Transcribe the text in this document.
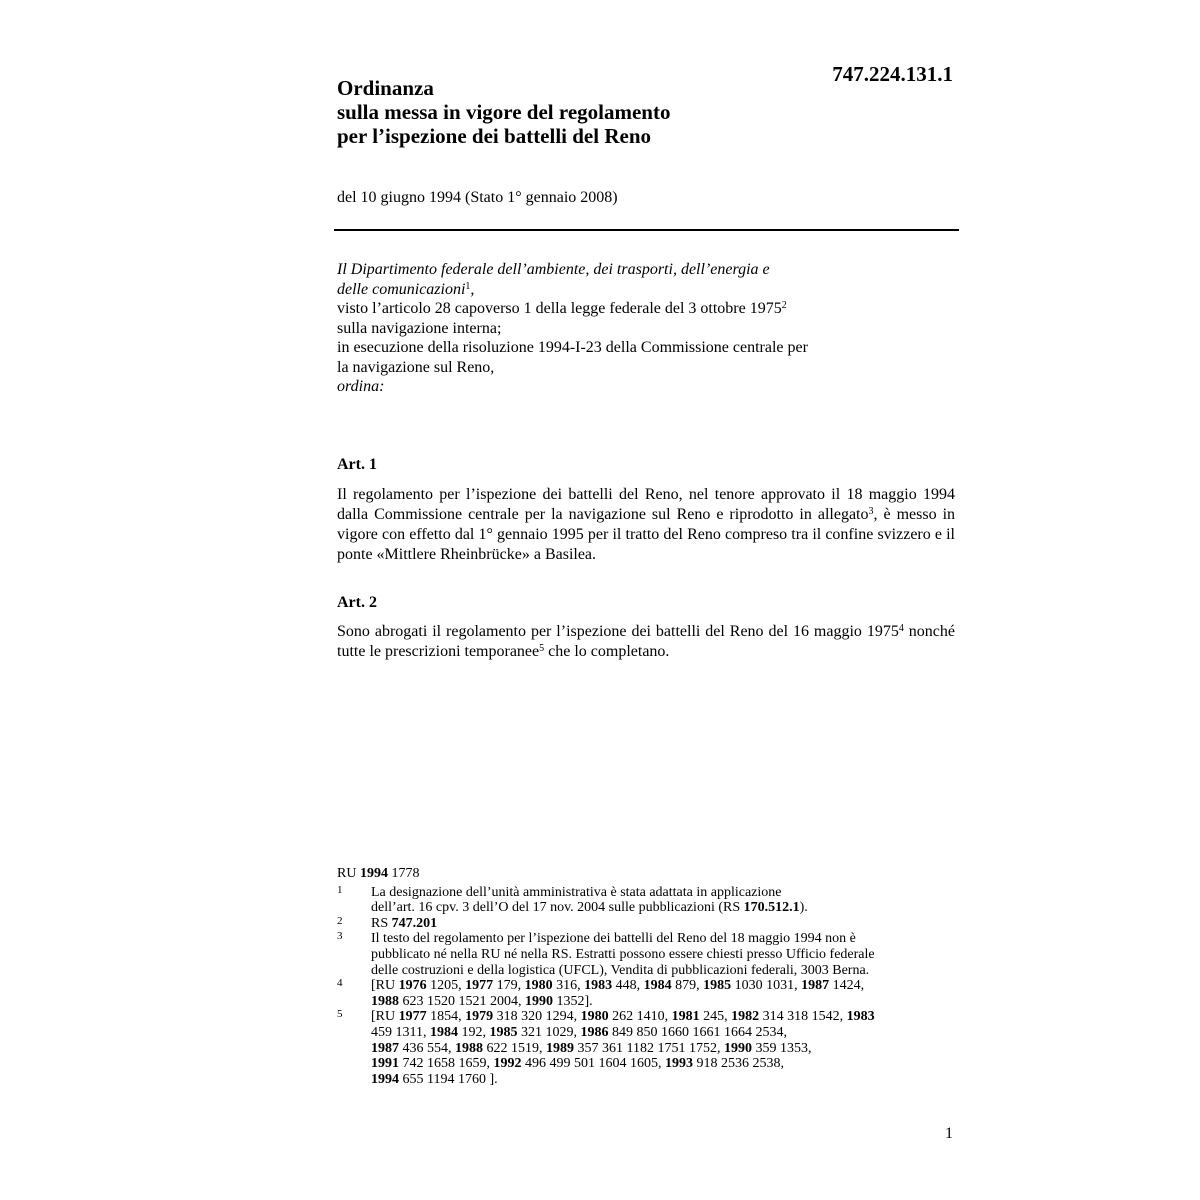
747.224.131.1
Ordinanza
sulla messa in vigore del regolamento
per l’ispezione dei battelli del Reno
del 10 giugno 1994 (Stato 1° gennaio 2008)
Il Dipartimento federale dell’ambiente, dei trasporti, dell’energia e
delle comunicazioni$^1$,
visto l’articolo 28 capoverso 1 della legge federale del 3 ottobre 1975$^2$
sulla navigazione interna;
in esecuzione della risoluzione 1994-I-23 della Commissione centrale per
la navigazione sul Reno,
ordina:
Art. 1
Il regolamento per l’ispezione dei battelli del Reno, nel tenore approvato il 18 maggio 1994 dalla Commissione centrale per la navigazione sul Reno e riprodotto in allegato$^3$, è messo in vigore con effetto dal 1° gennaio 1995 per il tratto del Reno compreso tra il confine svizzero e il ponte «Mittlere Rheinbrücke» a Basilea.
Art. 2
Sono abrogati il regolamento per l’ispezione dei battelli del Reno del 16 maggio 1975$^4$ nonché tutte le prescrizioni temporanee$^5$ che lo completano.
RU 1994 1778
1 La designazione dell’unità amministrativa è stata adattata in applicazione
dell’art. 16 cpv. 3 dell’O del 17 nov. 2004 sulle pubblicazioni (RS 170.512.1).
2 RS 747.201
3 Il testo del regolamento per l’ispezione dei battelli del Reno del 18 maggio 1994 non è
pubblicato né nella RU né nella RS. Estratti possono essere chiesti presso Ufficio federale
delle costruzioni e della logistica (UFCL), Vendita di pubblicazioni federali, 3003 Berna.
4 [RU 1976 1205, 1977 179, 1980 316, 1983 448, 1984 879, 1985 1030 1031, 1987 1424,
1988 623 1520 1521 2004, 1990 1352].
5 [RU 1977 1854, 1979 318 320 1294, 1980 262 1410, 1981 245, 1982 314 318 1542, 1983
459 1311, 1984 192, 1985 321 1029, 1986 849 850 1660 1661 1664 2534,
1987 436 554, 1988 622 1519, 1989 357 361 1182 1751 1752, 1990 359 1353,
1991 742 1658 1659, 1992 496 499 501 1604 1605, 1993 918 2536 2538,
1994 655 1194 1760 ].
1
